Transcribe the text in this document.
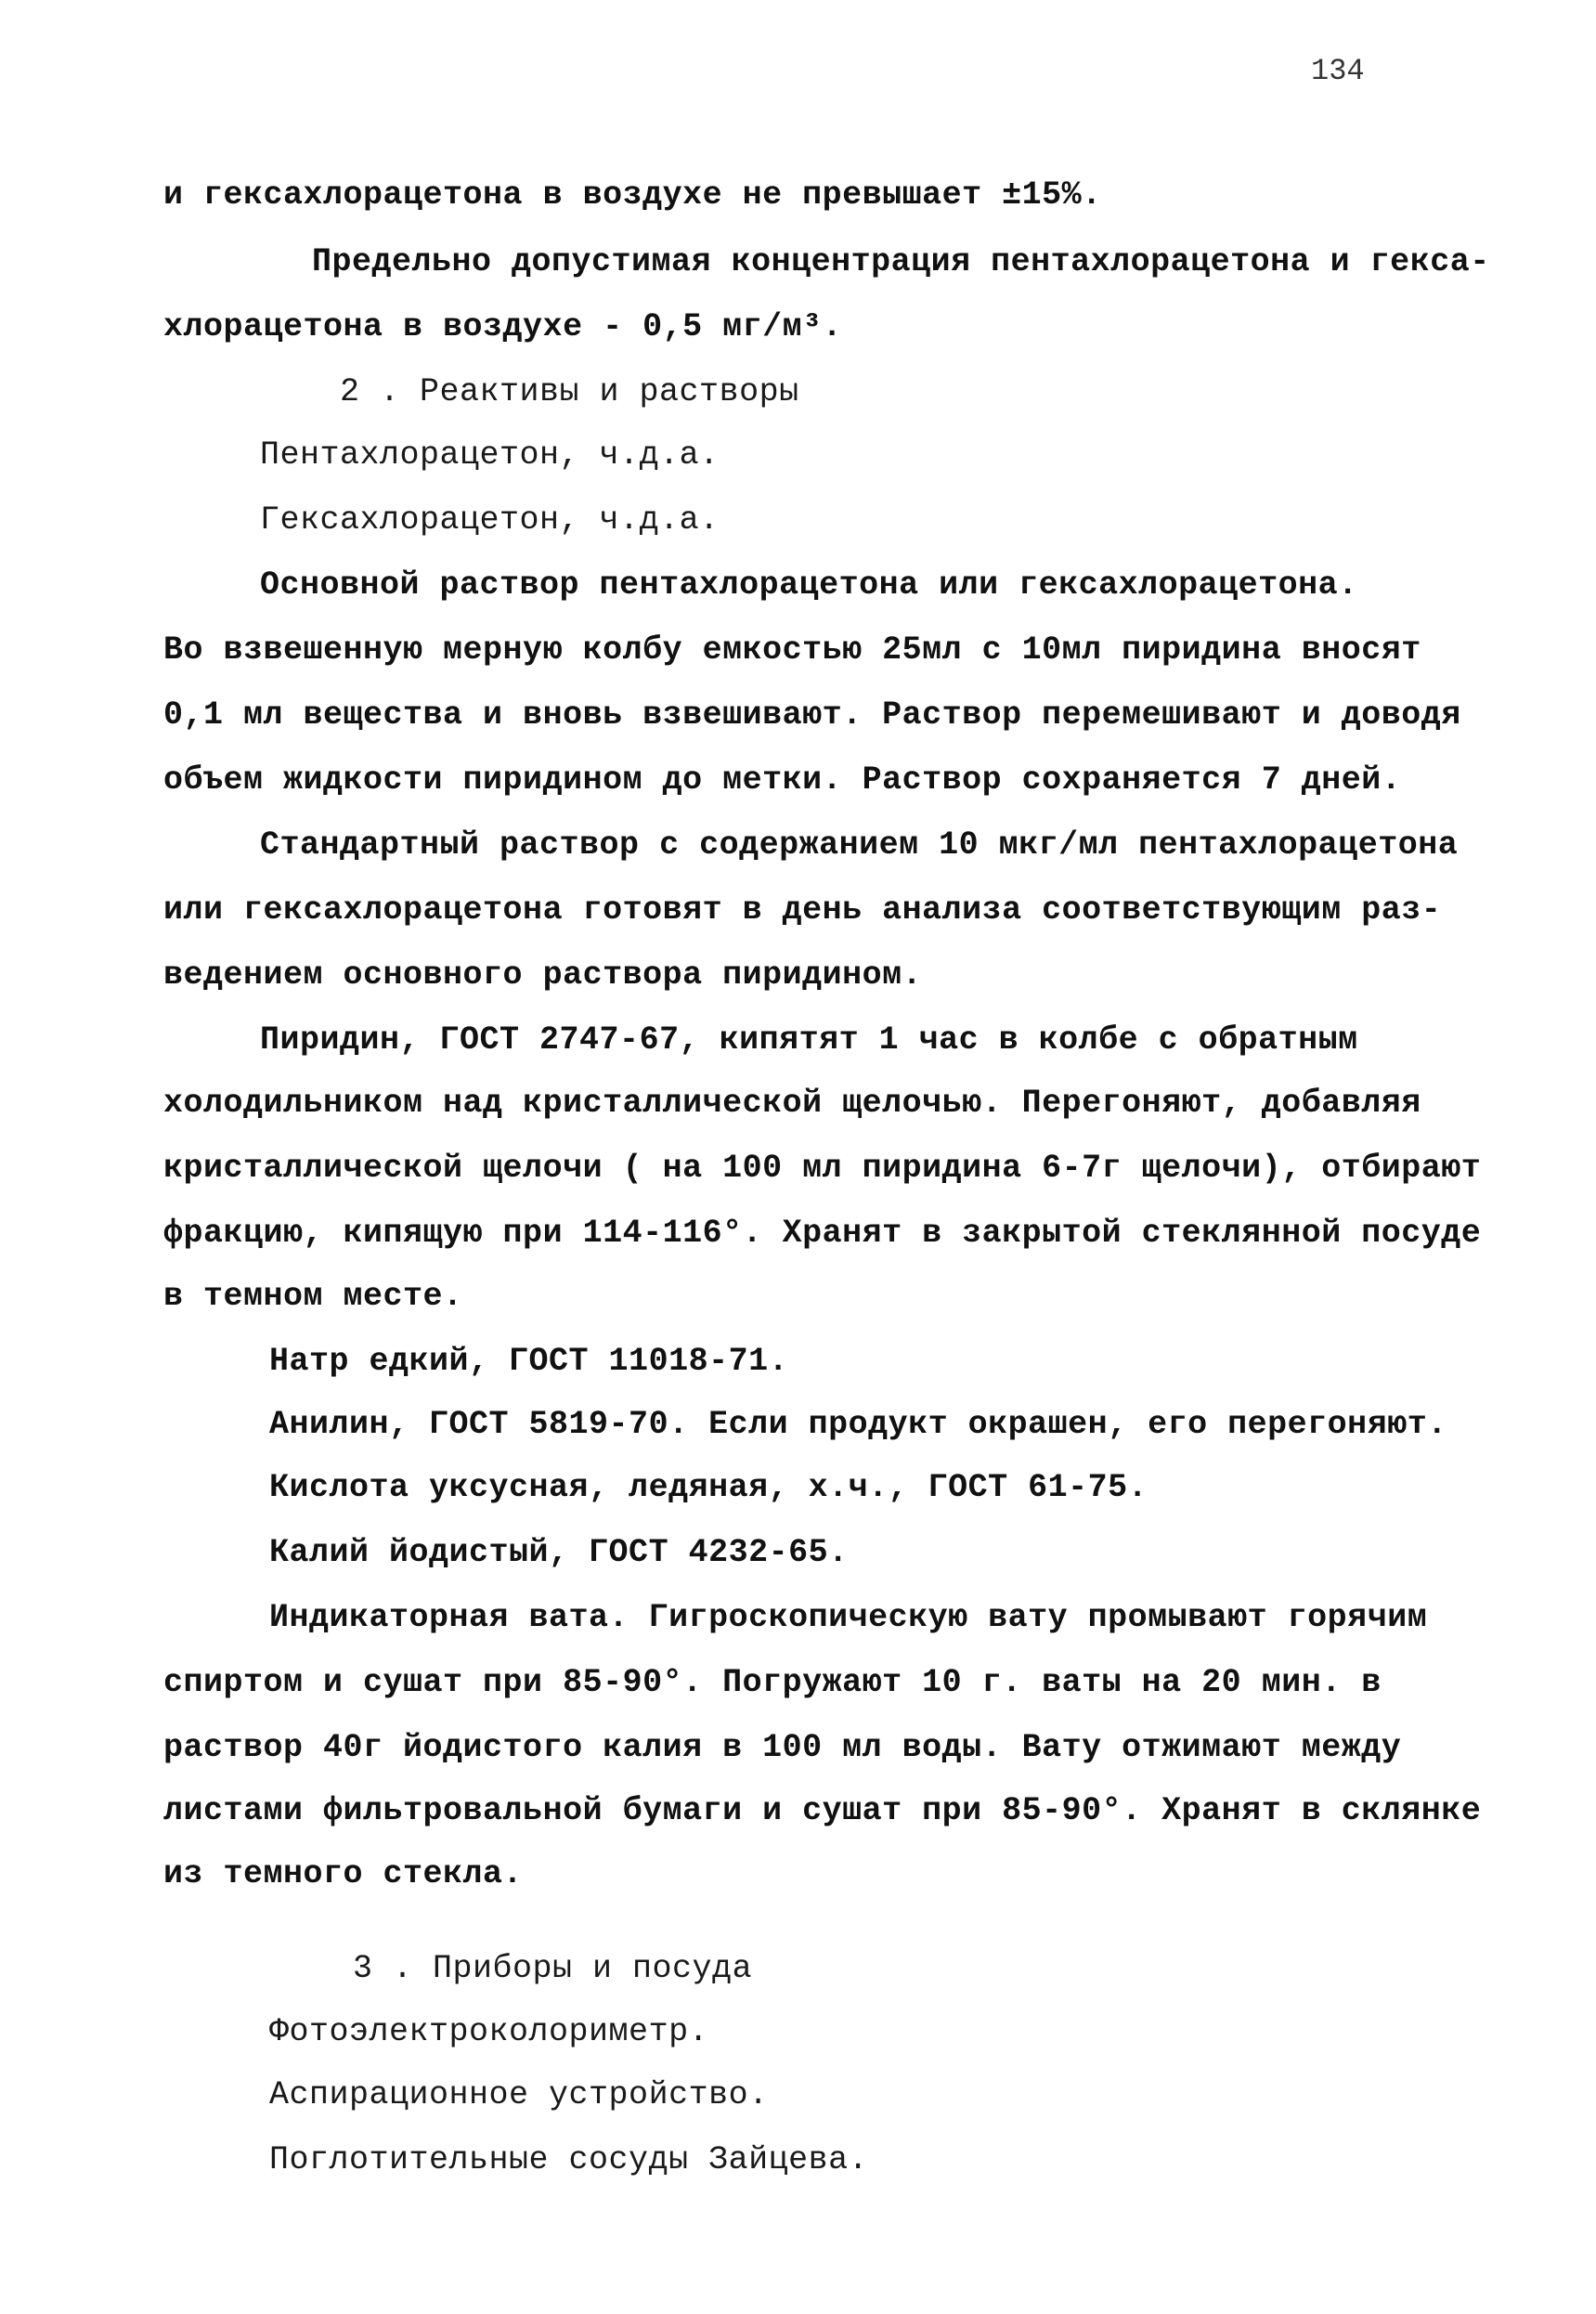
134
и гексахлорацетона в воздухе не превышает ±15%.
Предельно допустимая концентрация пентахлорацетона и гекса-
хлорацетона в воздухе - 0,5 мг/м³.
2 . Реактивы и растворы
Пентахлорацетон, ч.д.а.
Гексахлорацетон, ч.д.а.
Основной раствор пентахлорацетона или гексахлорацетона.
Во взвешенную мерную колбу емкостью 25мл с 10мл пиридина вносят
0,1 мл вещества и вновь взвешивают. Раствор перемешивают и доводя
объем жидкости пиридином до метки. Раствор сохраняется 7 дней.
Стандартный раствор с содержанием 10 мкг/мл пентахлорацетона
или гексахлорацетона готовят в день анализа соответствующим раз-
ведением основного раствора пиридином.
Пиридин, ГОСТ 2747-67, кипятят 1 час в колбе с обратным
холодильником над кристаллической щелочью. Перегоняют, добавляя
кристаллической щелочи ( на 100 мл пиридина 6-7г щелочи), отбирают
фракцию, кипящую при 114-116°. Хранят в закрытой стеклянной посуде
в темном месте.
Натр едкий, ГОСТ 11018-71.
Анилин, ГОСТ 5819-70. Если продукт окрашен, его перегоняют.
Кислота уксусная, ледяная, х.ч., ГОСТ 61-75.
Калий йодистый, ГОСТ 4232-65.
Индикаторная вата. Гигроскопическую вату промывают горячим
спиртом и сушат при 85-90°. Погружают 10 г. ваты на 20 мин. в
раствор 40г йодистого калия в 100 мл воды. Вату отжимают между
листами фильтровальной бумаги и сушат при 85-90°. Хранят в склянке
из темного стекла.
3 . Приборы и посуда
Фотоэлектроколориметр.
Аспирационное устройство.
Поглотительные сосуды Зайцева.
